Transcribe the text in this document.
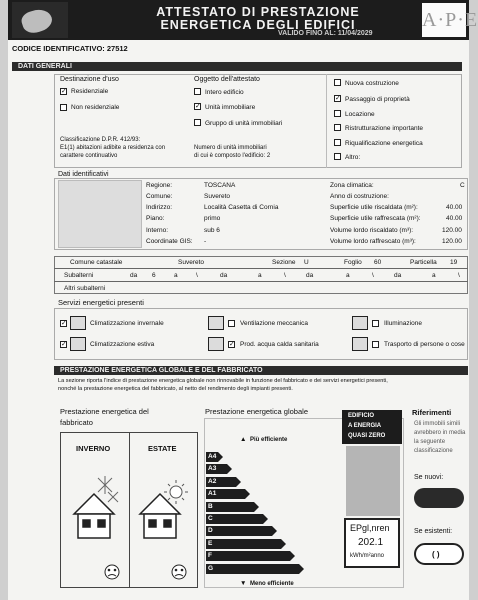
ATTESTATO DI PRESTAZIONE
ENERGETICA DEGLI EDIFICI
VALIDO FINO AL: 11/04/2029
A·P·E
CODICE IDENTIFICATIVO: 27512
DATI GENERALI
Destinazione d'uso
✓ Residenziale
Non residenziale
Classificazione D.P.R. 412/93:
E1(1) abitazioni adibite a residenza con
carattere continuativo
Oggetto dell'attestato
Intero edificio
✓ Unità immobiliare
Gruppo di unità immobiliari
Numero di unità immobiliari
di cui è composto l'edificio: 2
Nuova costruzione
✓ Passaggio di proprietà
Locazione
Ristrutturazione importante
Riqualificazione energetica
Altro:
Dati identificativi
Regione:	TOSCANA
Comune:	Suvereto
Indirizzo:	Località Casetta di Cornia
Piano:	primo
Interno:	sub 6
Coordinate GIS: -
Zona climatica:	C
Anno di costruzione:
Superficie utile riscaldata (m²):	40.00
Superficie utile raffrescata (m²):	40.00
Volume lordo riscaldato (m³):	120.00
Volume lordo raffrescato (m³):	120.00
Comune catastale	Suvereto	Sezione U	Foglio 60	Particella 19
Subalterni	da 6	a	\	da	a	\	da	a	\	da	a	\
Altri subalterni
Servizi energetici presenti
✓	Climatizzazione invernale
✓	Climatizzazione estiva
Ventilazione meccanica
✓ Prod. acqua calda sanitaria
Illuminazione
Trasporto di persone o cose
PRESTAZIONE ENERGETICA GLOBALE E DEL FABBRICATO
La sezione riporta l'indice di prestazione energetica globale non rinnovabile in funzione del fabbricato e dei servizi energetici presenti,
nonché la prestazione energetica del fabbricato, al netto del rendimento degli impianti presenti.
Prestazione energetica del
fabbricato
INVERNO	ESTATE
Prestazione energetica globale
▲ Più efficiente
▼ Meno efficiente
EDIFICIO
A ENERGIA
QUASI ZERO
EPgl,nren
202.1
kWh/m²anno
Riferimenti
Gli immobili simili
avrebbero in media
la seguente
classificazione
Se nuovi:
Se esistenti:
( )
A4
A3
A2
A1
B
C
D
E
F
G
